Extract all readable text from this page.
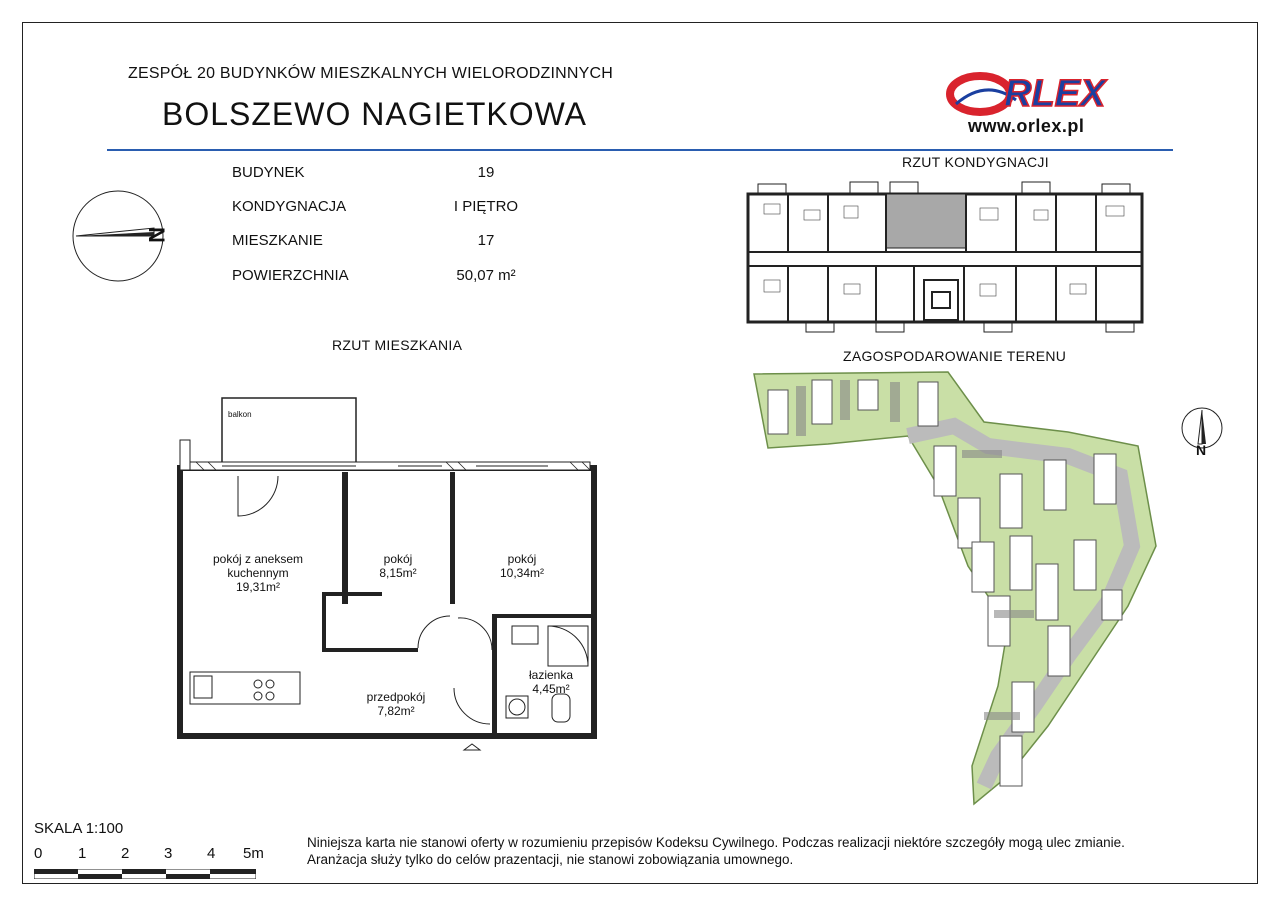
ZESPÓŁ 20 BUDYNKÓW MIESZKALNYCH WIELORODZINNYCH
BOLSZEWO NAGIETKOWA	RLEX
www.orlex.pl
BUDYNEK	19
KONDYGNACJA	I PIĘTRO
MIESZKANIE	17
POWIERZCHNIA	50,07 m²
N
RZUT MIESZKANIA
RZUT KONDYGNACJI
ZAGOSPODAROWANIE TERENU
balkon
pokój z aneksem
kuchennym
19,31m²
pokój
8,15m²
pokój
10,34m²
łazienka
4,45m²
przedpokój
7,82m²
N
SKALA 1:100
0 1 2 3 4 5m
Niniejsza karta nie stanowi oferty w rozumieniu przepisów Kodeksu Cywilnego. Podczas realizacji niektóre szczegóły mogą ulec zmianie.
Aranżacja służy tylko do celów prazentacji, nie stanowi zobowiązania umownego.
